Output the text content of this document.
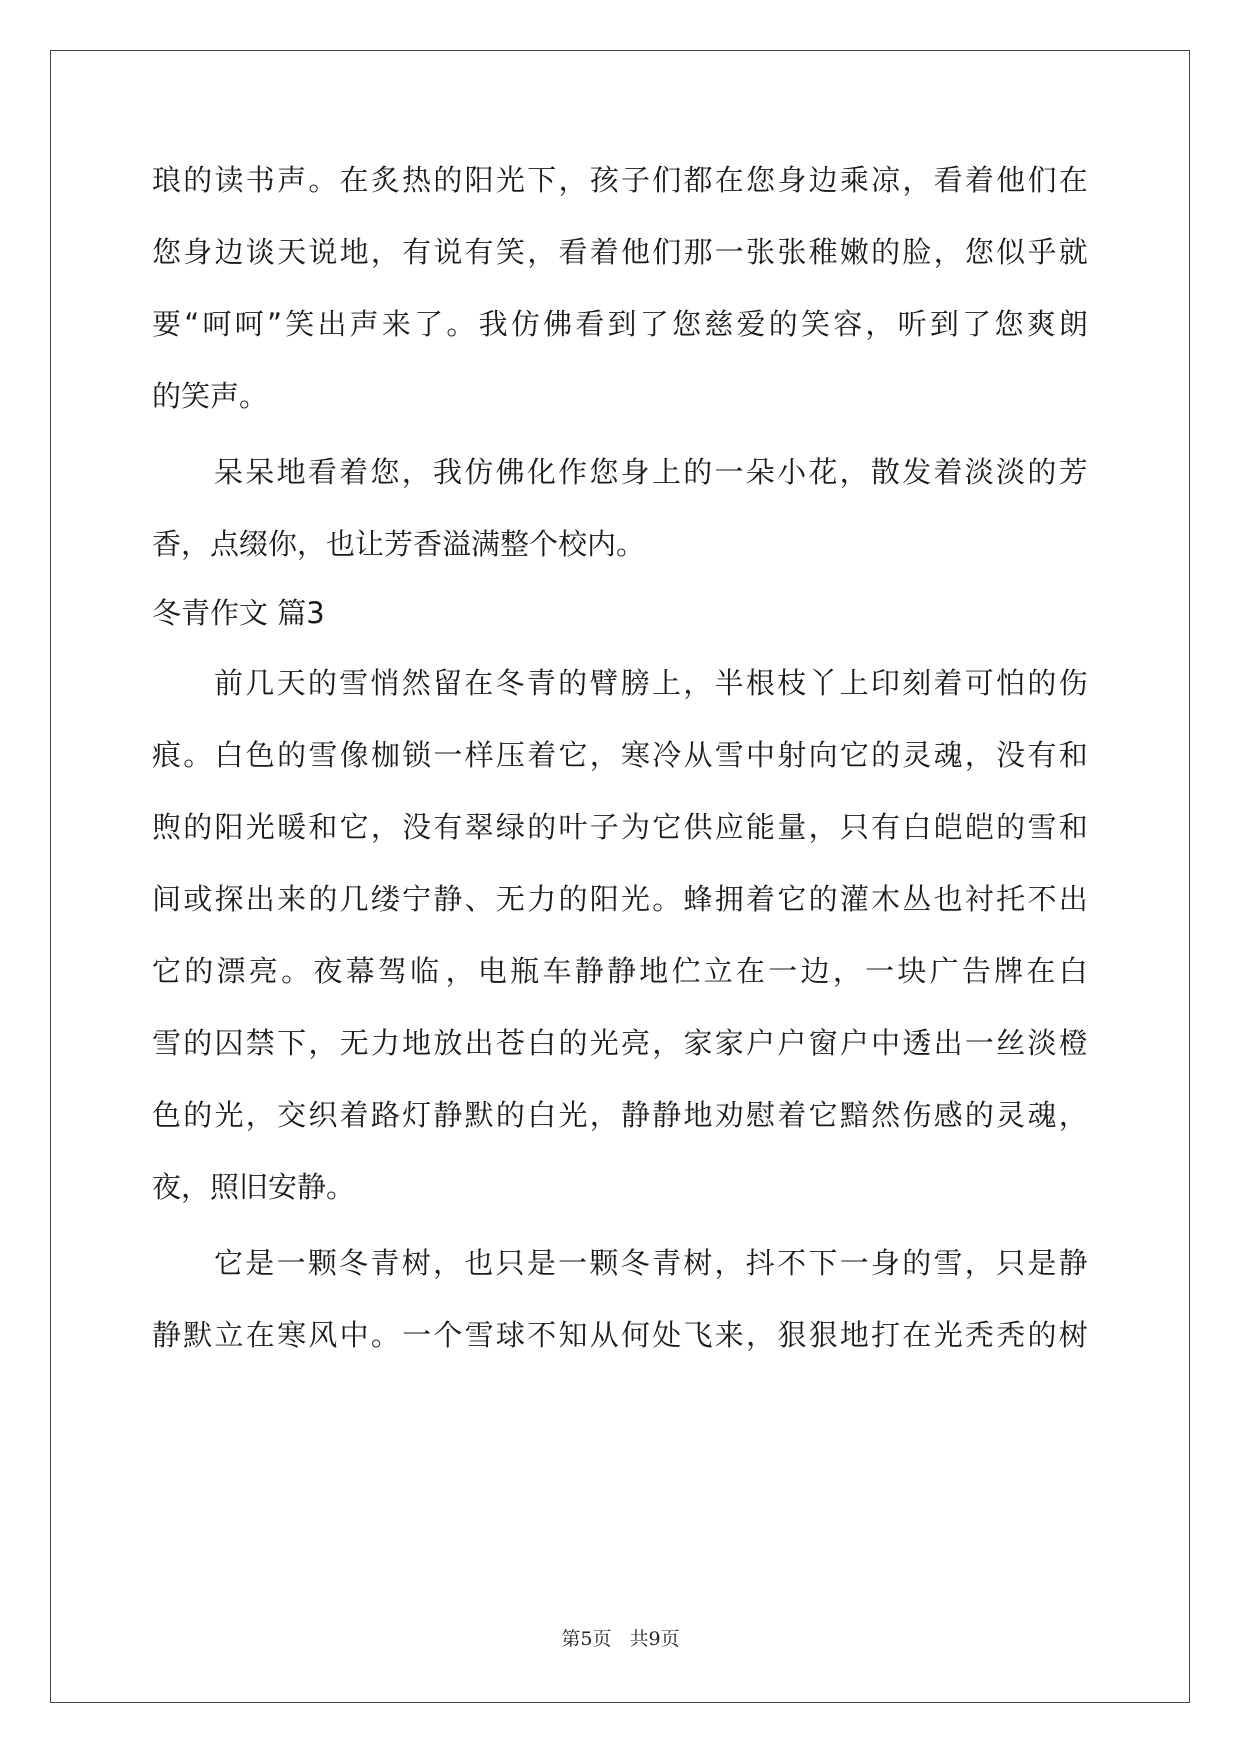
琅 的 读 书 声 。 在 炙 热 的 阳 光 下 ， 孩 子 们 都 在 您 身 边 乘 凉 ， 看 着 他 们 在
您 身 边 谈 天 说 地 ， 有 说 有 笑 ， 看 着 他 们 那 一 张 张 稚 嫩 的 脸 ， 您 似 乎 就
要 “ 呵 呵 ” 笑 出 声 来 了 。 我 仿 佛 看 到 了 您 慈 爱 的 笑 容 ， 听 到 了 您 爽 朗
的笑声。
呆 呆 地 看 着 您 ， 我 仿 佛 化 作 您 身 上 的 一 朵 小 花 ， 散 发 着 淡 淡 的 芳
香，点缀你，也让芳香溢满整个校内。
冬青作文 篇3
前 几 天 的 雪 悄 然 留 在 冬 青 的 臂 膀 上 ， 半 根 枝 丫 上 印 刻 着 可 怕 的 伤
痕 。 白 色 的 雪 像 枷 锁 一 样 压 着 它 ， 寒 冷 从 雪 中 射 向 它 的 灵 魂 ， 没 有 和
煦 的 阳 光 暖 和 它 ， 没 有 翠 绿 的 叶 子 为 它 供 应 能 量 ， 只 有 白 皑 皑 的 雪 和
间 或 探 出 来 的 几 缕 宁 静 、 无 力 的 阳 光 。 蜂 拥 着 它 的 灌 木 丛 也 衬 托 不 出
它 的 漂 亮 。 夜 幕 驾 临 ， 电 瓶 车 静 静 地 伫 立 在 一 边 ， 一 块 广 告 牌 在 白
雪 的 囚 禁 下 ， 无 力 地 放 出 苍 白 的 光 亮 ， 家 家 户 户 窗 户 中 透 出 一 丝 淡 橙
色 的 光 ， 交 织 着 路 灯 静 默 的 白 光 ， 静 静 地 劝 慰 着 它 黯 然 伤 感 的 灵 魂 ，
夜，照旧安静。
它 是 一 颗 冬 青 树 ， 也 只 是 一 颗 冬 青 树 ， 抖 不 下 一 身 的 雪 ， 只 是 静
静 默 立 在 寒 风 中 。 一 个 雪 球 不 知 从 何 处 飞 来 ， 狠 狠 地 打 在 光 秃 秃 的 树
第5页 共9页
